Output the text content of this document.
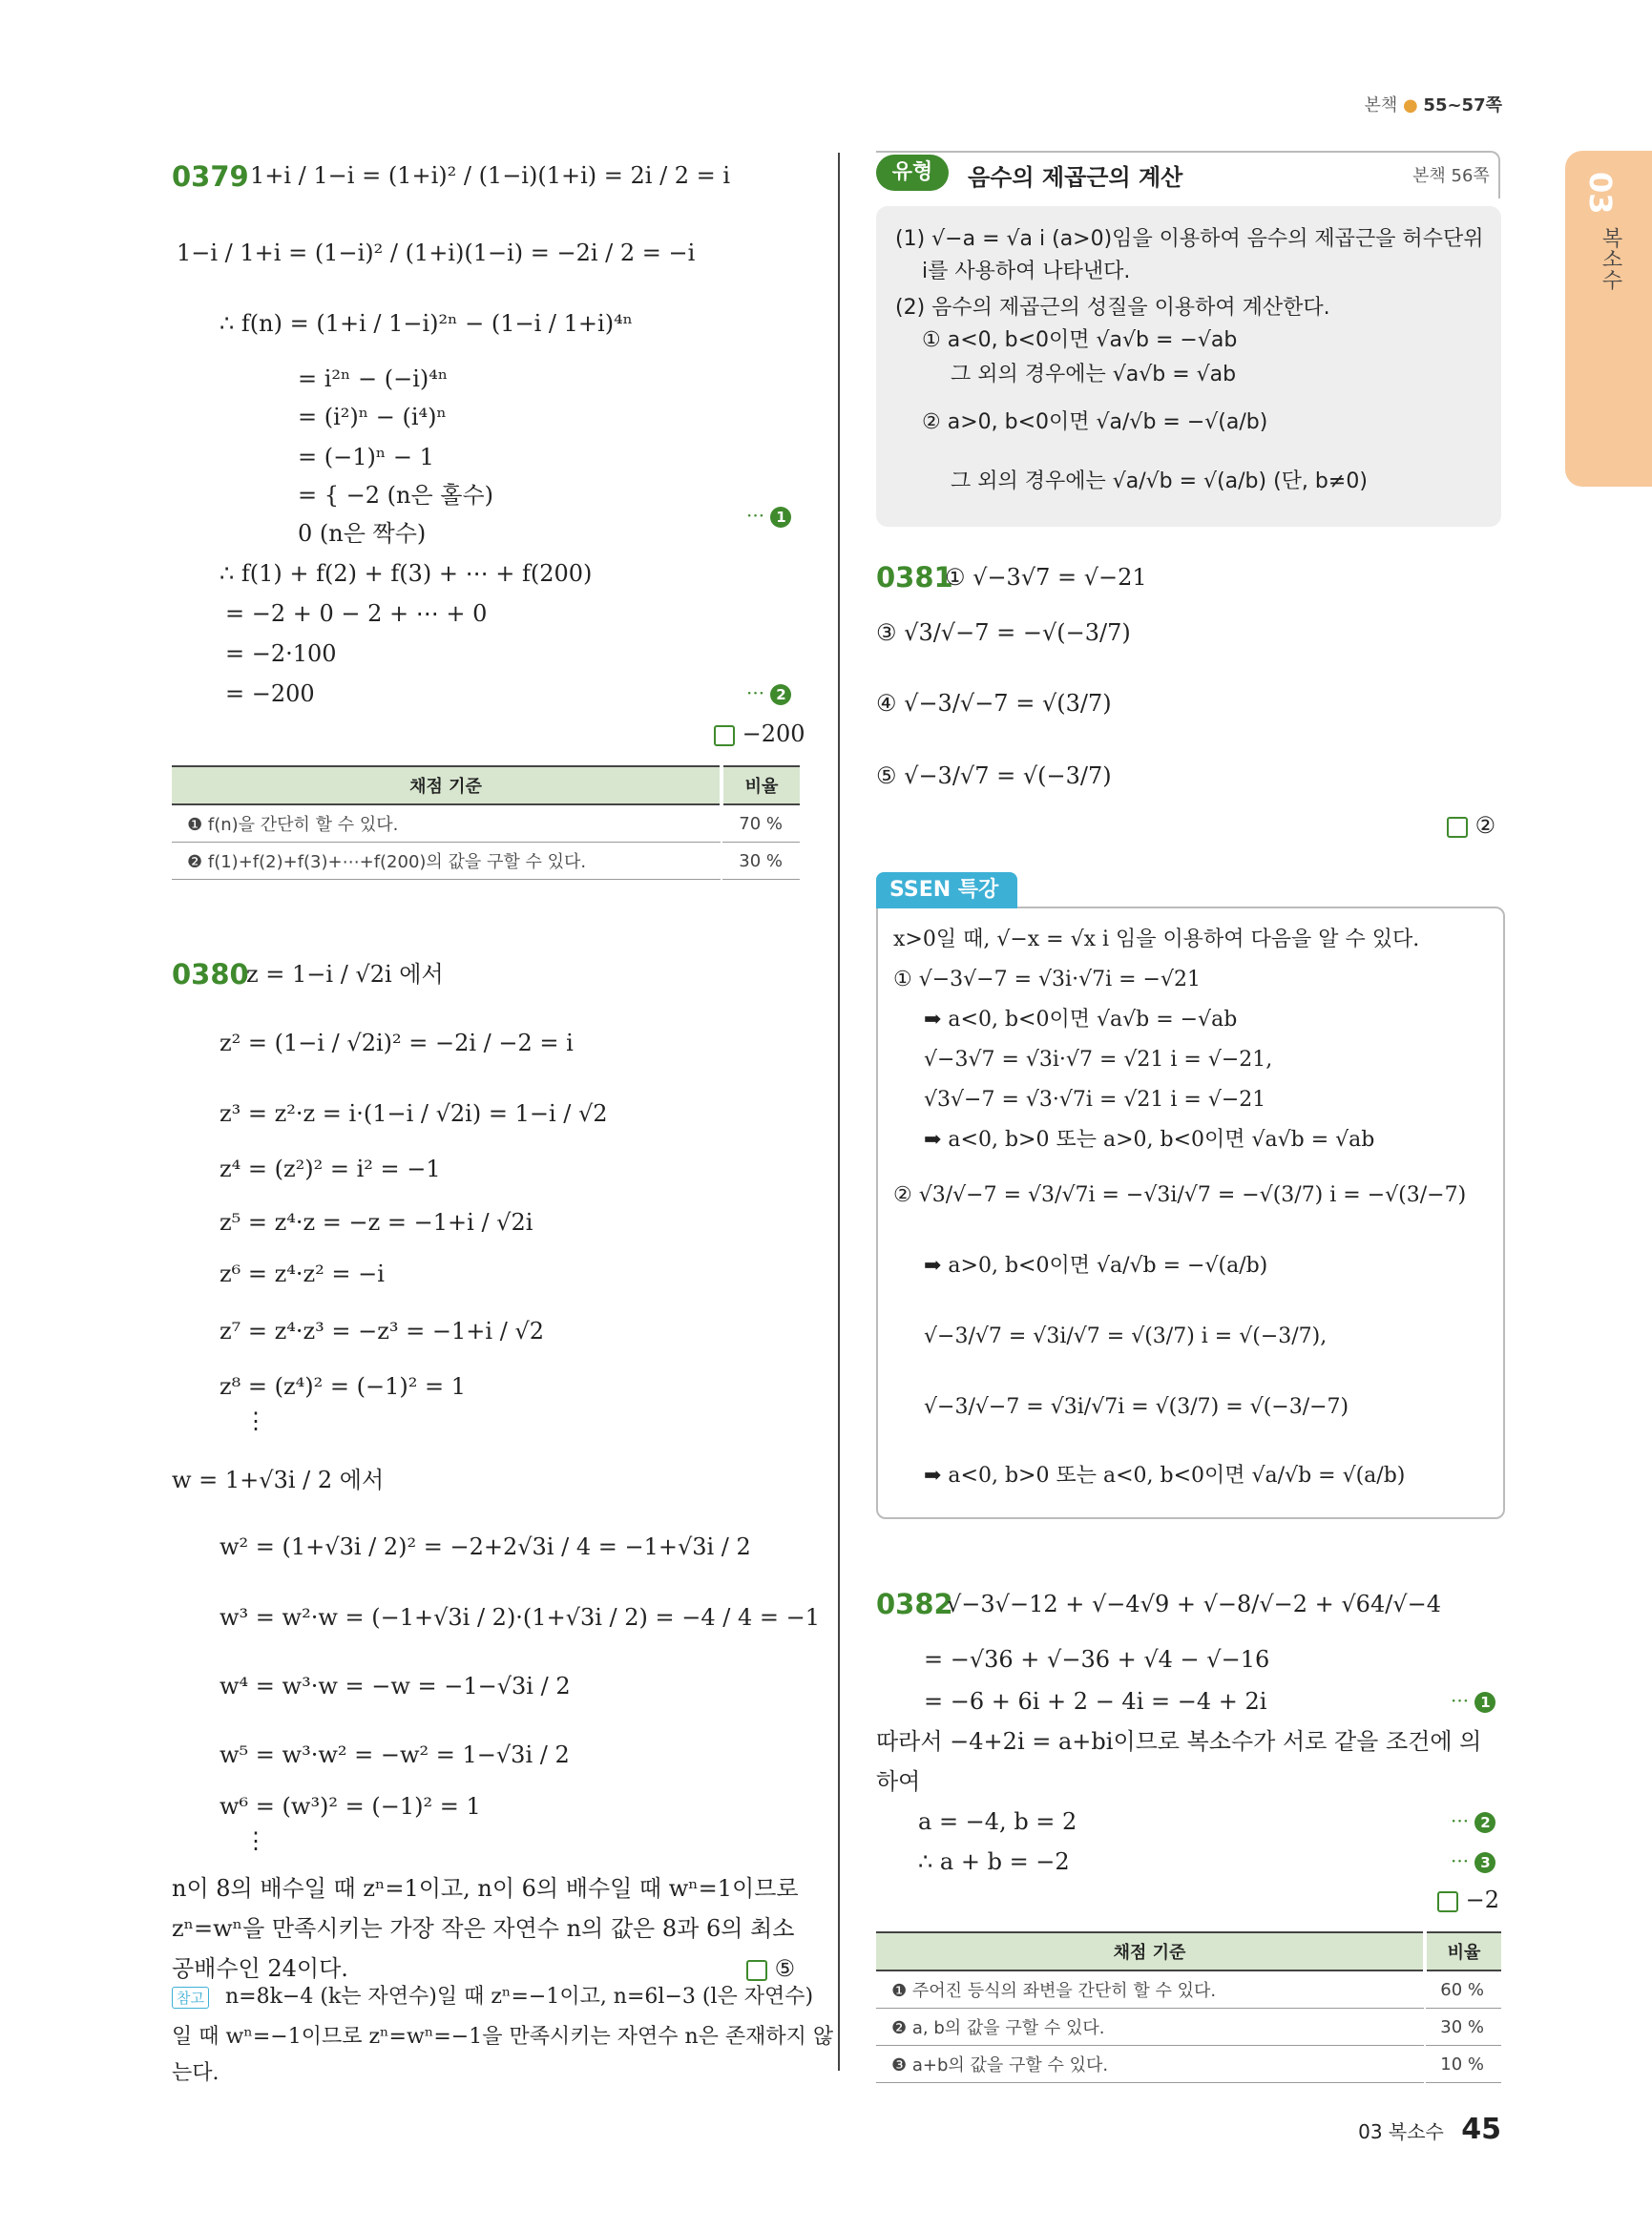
본책 ● 55~57쪽
03
복소수
0379 1+i / 1−i = (1+i)² / (1−i)(1+i) = 2i / 2 = i
1−i / 1+i = (1−i)² / (1+i)(1−i) = −2i / 2 = −i
∴ f(n) = (1+i / 1−i)²ⁿ − (1−i / 1+i)⁴ⁿ
= i²ⁿ − (−i)⁴ⁿ
= (i²)ⁿ − (i⁴)ⁿ
= (−1)ⁿ − 1
= { −2 (n은 홀수)
0 (n은 짝수)
··· 1
∴ f(1) + f(2) + f(3) + ⋯ + f(200)
= −2 + 0 − 2 + ⋯ + 0
= −2·100
= −200	··· 2
−200
채점 기준	비율
❶ f(n)을 간단히 할 수 있다.	70 %
❷ f(1)+f(2)+f(3)+⋯+f(200)의 값을 구할 수 있다.	30 %
0380
z = 1−i / √2i 에서
z² = (1−i / √2i)² = −2i / −2 = i
z³ = z²·z = i·(1−i / √2i) = 1−i / √2
z⁴ = (z²)² = i² = −1
z⁵ = z⁴·z = −z = −1+i / √2i
z⁶ = z⁴·z² = −i
z⁷ = z⁴·z³ = −z³ = −1+i / √2
z⁸ = (z⁴)² = (−1)² = 1
⋮
w = 1+√3i / 2 에서
w² = (1+√3i / 2)² = −2+2√3i / 4 = −1+√3i / 2
w³ = w²·w = (−1+√3i / 2)·(1+√3i / 2) = −4 / 4 = −1
w⁴ = w³·w = −w = −1−√3i / 2
w⁵ = w³·w² = −w² = 1−√3i / 2
w⁶ = (w³)² = (−1)² = 1
⋮
n이 8의 배수일 때 zⁿ=1이고, n이 6의 배수일 때 wⁿ=1이므로
zⁿ=wⁿ을 만족시키는 가장 작은 자연수 n의 값은 8과 6의 최소
공배수인 24이다.	⑤
참고 n=8k−4 (k는 자연수)일 때 zⁿ=−1이고, n=6l−3 (l은 자연수)
일 때 wⁿ=−1이므로 zⁿ=wⁿ=−1을 만족시키는 자연수 n은 존재하지 않
는다.
유형	음수의 제곱근의 계산	본책 56쪽
(1) √−a = √a i (a>0)임을 이용하여 음수의 제곱근을 허수단위
i를 사용하여 나타낸다.
(2) 음수의 제곱근의 성질을 이용하여 계산한다.
① a<0, b<0이면 √a√b = −√ab
그 외의 경우에는 √a√b = √ab
② a>0, b<0이면 √a/√b = −√(a/b)
그 외의 경우에는 √a/√b = √(a/b) (단, b≠0)
0381
① √−3√7 = √−21
③ √3/√−7 = −√(−3/7)
④ √−3/√−7 = √(3/7)
⑤ √−3/√7 = √(−3/7)
②
SSEN 특강
x>0일 때, √−x = √x i 임을 이용하여 다음을 알 수 있다.
① √−3√−7 = √3i·√7i = −√21
➡ a<0, b<0이면 √a√b = −√ab
√−3√7 = √3i·√7 = √21 i = √−21,
√3√−7 = √3·√7i = √21 i = √−21
➡ a<0, b>0 또는 a>0, b<0이면 √a√b = √ab
② √3/√−7 = √3/√7i = −√3i/√7 = −√(3/7) i = −√(3/−7)
➡ a>0, b<0이면 √a/√b = −√(a/b)
√−3/√7 = √3i/√7 = √(3/7) i = √(−3/7),
√−3/√−7 = √3i/√7i = √(3/7) = √(−3/−7)
➡ a<0, b>0 또는 a<0, b<0이면 √a/√b = √(a/b)
0382
√−3√−12 + √−4√9 + √−8/√−2 + √64/√−4
= −√36 + √−36 + √4 − √−16
= −6 + 6i + 2 − 4i = −4 + 2i	··· 1
따라서 −4+2i = a+bi이므로 복소수가 서로 같을 조건에 의
하여
a = −4, b = 2	··· 2
∴ a + b = −2	··· 3
−2
채점 기준	비율
❶ 주어진 등식의 좌변을 간단히 할 수 있다.	60 %
❷ a, b의 값을 구할 수 있다.	30 %
❸ a+b의 값을 구할 수 있다.	10 %
03 복소수 45
